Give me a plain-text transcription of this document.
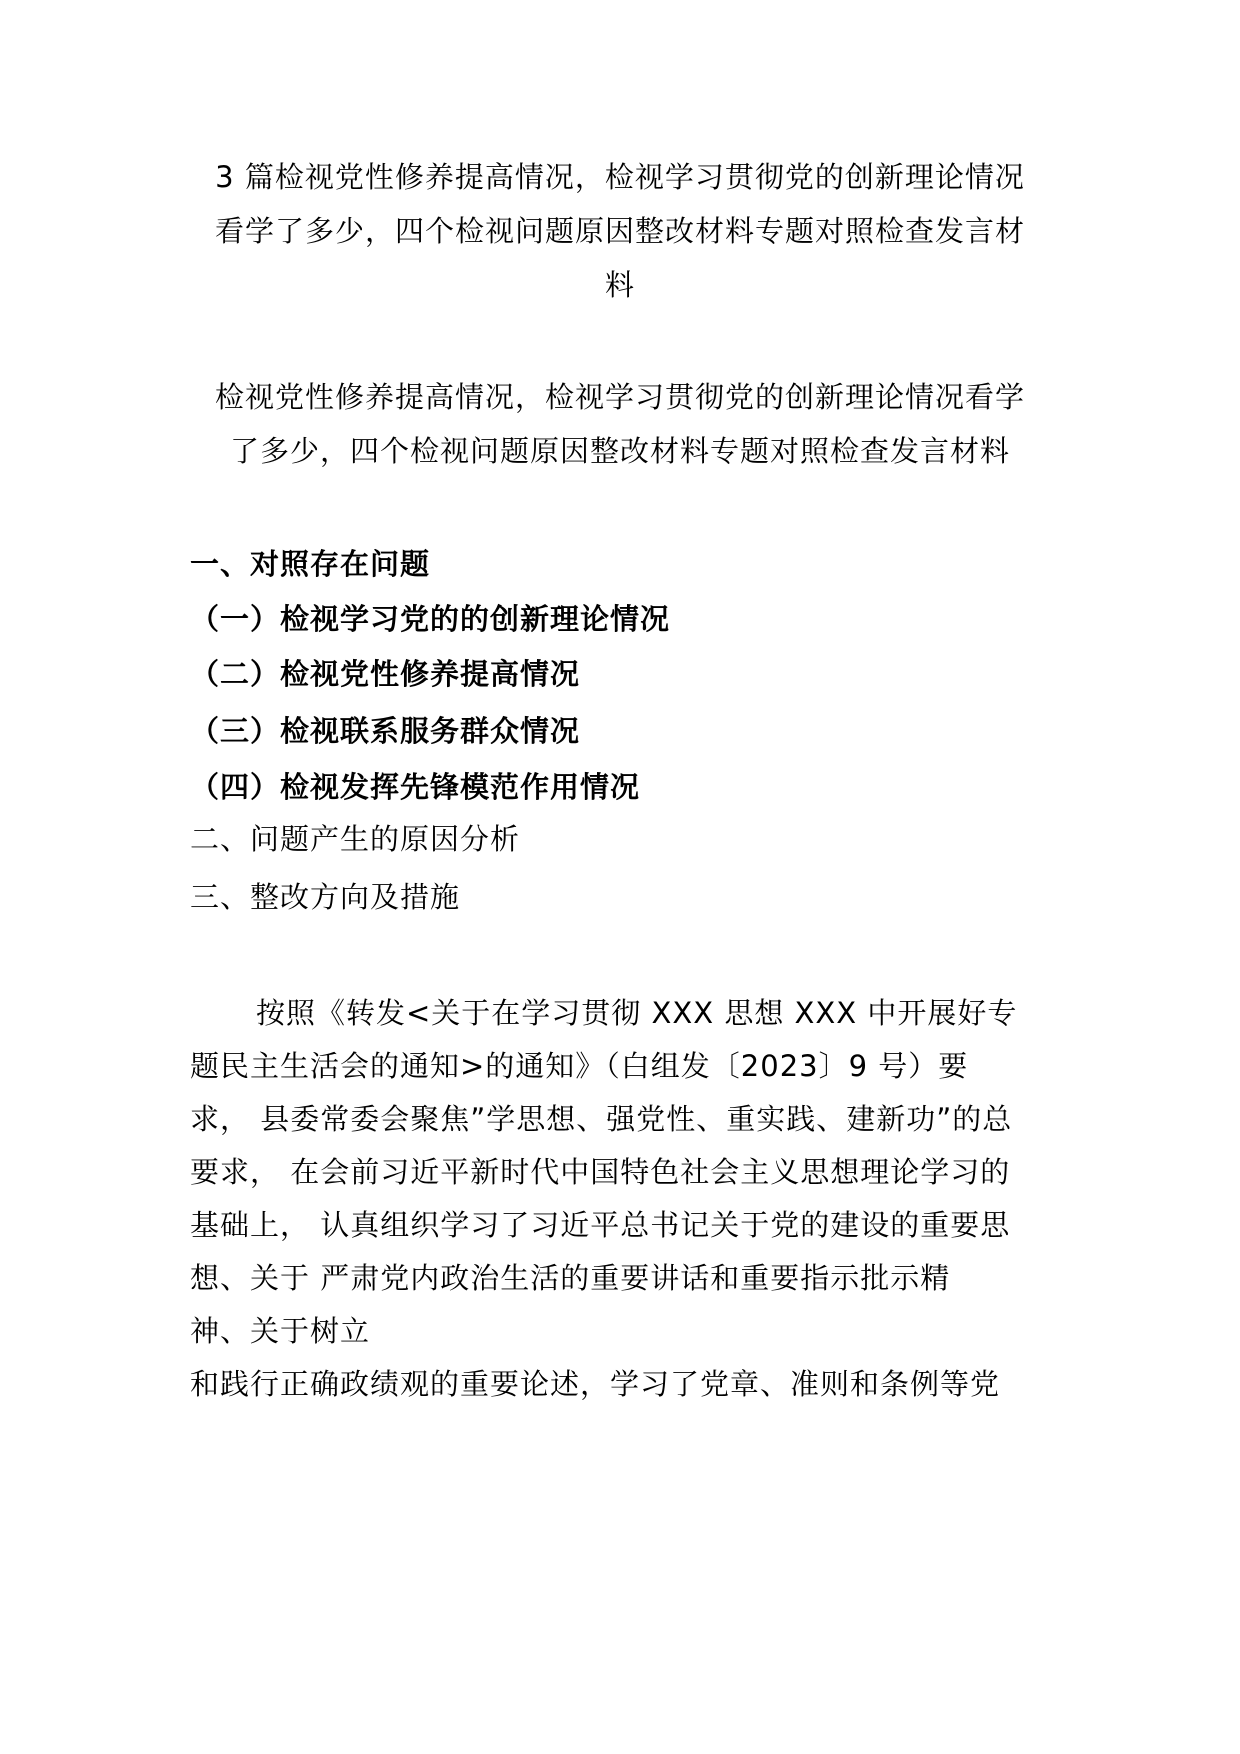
3 篇检视党性修养提高情况，检视学习贯彻党的创新理论情况
看学了多少，四个检视问题原因整改材料专题对照检查发言材
料
检视党性修养提高情况，检视学习贯彻党的创新理论情况看学
了多少，四个检视问题原因整改材料专题对照检查发言材料
一、对照存在问题
（一）检视学习党的的创新理论情况
（二）检视党性修养提高情况
（三）检视联系服务群众情况
（四）检视发挥先锋模范作用情况
二、问题产生的原因分析
三、整改方向及措施
按照《转发<关于在学习贯彻 XXX 思想 XXX 中开展好专
题民主生活会的通知>的通知》（白组发〔2023〕9 号）要
求， 县委常委会聚焦”学思想、强党性、重实践、建新功”的总
要求， 在会前习近平新时代中国特色社会主义思想理论学习的
基础上， 认真组织学习了习近平总书记关于党的建设的重要思
想、关于 严肃党内政治生活的重要讲话和重要指示批示精
神、关于树立
和践行正确政绩观的重要论述，学习了党章、准则和条例等党
